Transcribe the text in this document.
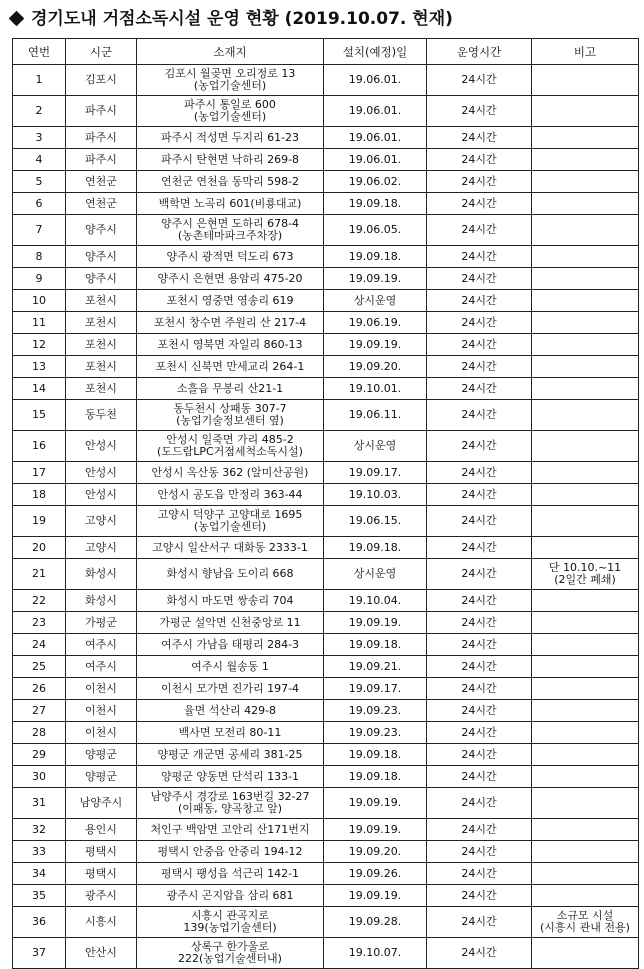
경기도내 거점소독시설 운영 현황 (2019.10.07. 현재)
연번	시군	소재지	설치(예정)일	운영시간	비고
1	김포시	김포시 월곶면 오리정로 13
(농업기술센터)	19.06.01.	24시간	
2	파주시	파주시 통일로 600
(농업기술센터)	19.06.01.	24시간	
3	파주시	파주시 적성면 두지리 61-23	19.06.01.	24시간	
4	파주시	파주시 탄현면 낙하리 269-8	19.06.01.	24시간	
5	연천군	연천군 연천읍 동막리 598-2	19.06.02.	24시간	
6	연천군	백학면 노곡리 601(비룡대교)	19.09.18.	24시간	
7	양주시	양주시 은현면 도하리 678-4
(농촌테마파크주차장)	19.06.05.	24시간	
8	양주시	양주시 광적면 덕도리 673	19.09.18.	24시간	
9	양주시	양주시 은현면 용암리 475-20	19.09.19.	24시간	
10	포천시	포천시 영중면 영송리 619	상시운영	24시간	
11	포천시	포천시 창수면 주원리 산 217-4	19.06.19.	24시간	
12	포천시	포천시 영북면 자일리 860-13	19.09.19.	24시간	
13	포천시	포천시 신북면 만세교리 264-1	19.09.20.	24시간	
14	포천시	소흘읍 무봉리 산21-1	19.10.01.	24시간	
15	동두천	동두천시 상패동 307-7
(농업기술정보센터 옆)	19.06.11.	24시간	
16	안성시	안성시 일죽면 가리 485-2
(도드람LPC거점세척소독시설)	상시운영	24시간	
17	안성시	안성시 옥산동 362 (알미산공원)	19.09.17.	24시간	
18	안성시	안성시 공도읍 만정리 363-44	19.10.03.	24시간	
19	고양시	고양시 덕양구 고양대로 1695
(농업기술센터)	19.06.15.	24시간	
20	고양시	고양시 일산서구 대화동 2333-1	19.09.18.	24시간	
21	화성시	화성시 향남읍 도이리 668	상시운영	24시간	단 10.10.~11
(2일간 폐쇄)

22	화성시	화성시 마도면 쌍송리 704	19.10.04.	24시간	
23	가평군	가평군 설악면 신천중앙로 11	19.09.19.	24시간	
24	여주시	여주시 가남읍 태평리 284-3	19.09.18.	24시간	
25	여주시	여주시 월송동 1	19.09.21.	24시간	
26	이천시	이천시 모가면 진가리 197-4	19.09.17.	24시간	
27	이천시	율면 석산리 429-8	19.09.23.	24시간	
28	이천시	백사면 모전리 80-11	19.09.23.	24시간	
29	양평군	양평군 개군면 공세리 381-25	19.09.18.	24시간	
30	양평군	양평군 양동면 단석리 133-1	19.09.18.	24시간	
31	남양주시	남양주시 경강로 163번길 32-27
(이패동, 양곡창고 앞)	19.09.19.	24시간	
32	용인시	처인구 백암면 고안리 산171번지	19.09.19.	24시간	
33	평택시	평택시 안중읍 안중리 194-12	19.09.20.	24시간	
34	평택시	평택시 팽성읍 석근리 142-1	19.09.26.	24시간	
35	광주시	광주시 곤지암읍 삼리 681	19.09.19.	24시간	
36	시흥시	시흥시 관곡지로
139(농업기술센터)	19.09.28.	24시간	소규모 시설
(시흥시 관내 전용)

37	안산시	상록구 한가울로
222(농업기술센터내)	19.10.07.	24시간	
